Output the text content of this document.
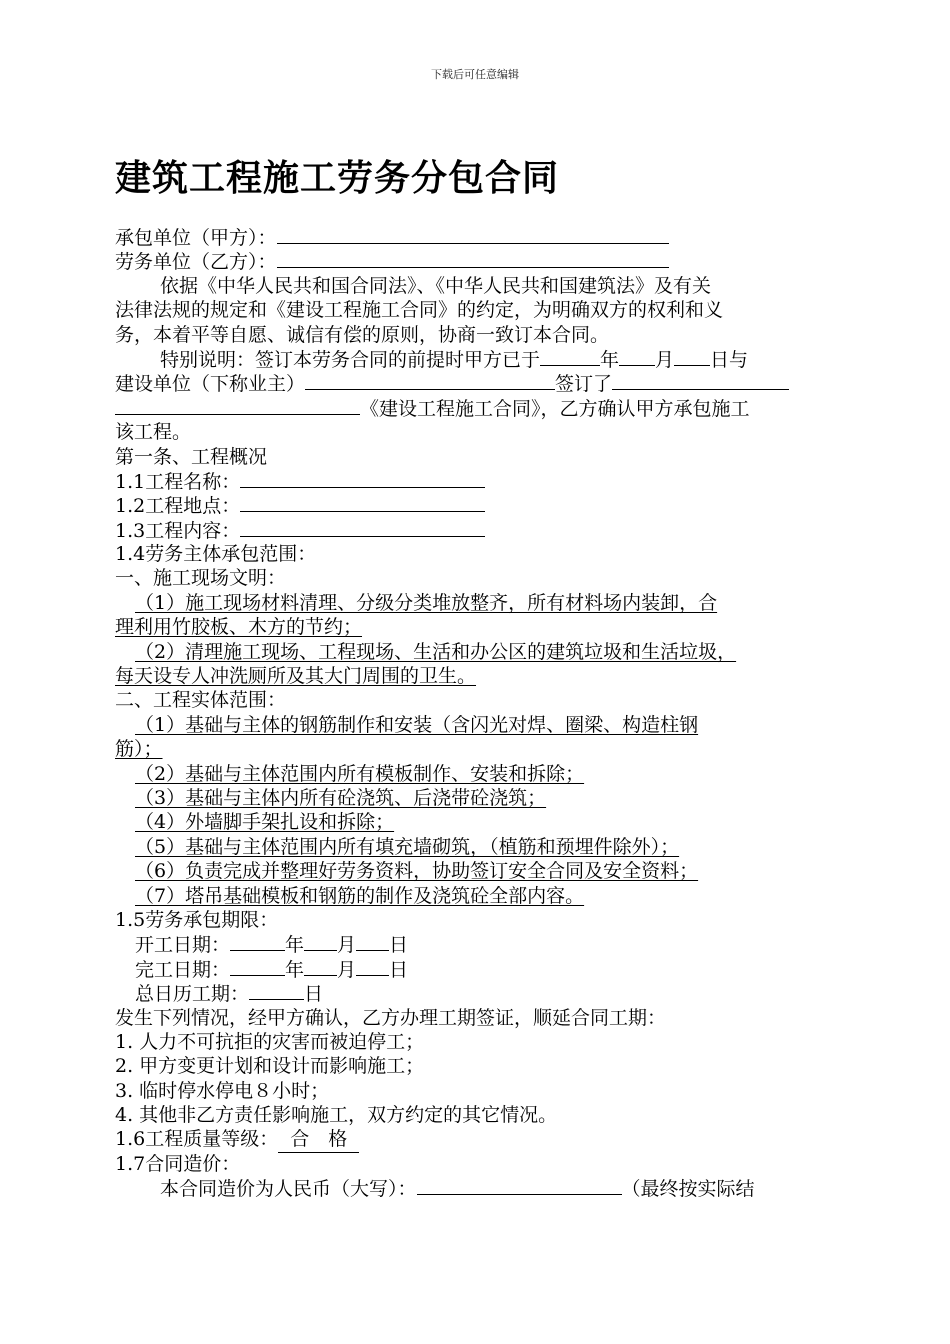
下载后可任意编辑
建筑工程施工劳务分包合同
承包单位（甲方）：
劳务单位（乙方）：
依据《中华人民共和国合同法》、《中华人民共和国建筑法》及有关
法律法规的规定和《建设工程施工合同》的约定，为明确双方的权利和义
务，本着平等自愿、诚信有偿的原则，协商一致订本合同。
特别说明：签订本劳务合同的前提时甲方已于	年 月 日与
建设单位（下称业主）	签订了
《建设工程施工合同》，乙方确认甲方承包施工
该工程。
第一条、工程概况
1.1工程名称：
1.2工程地点：
1.3工程内容：
1.4劳务主体承包范围：
一、施工现场文明：
（1）施工现场材料清理、分级分类堆放整齐，所有材料场内装卸，合
理利用竹胶板、木方的节约；
（2）清理施工现场、工程现场、生活和办公区的建筑垃圾和生活垃圾，
每天设专人冲洗厕所及其大门周围的卫生。
二、工程实体范围：
（1）基础与主体的钢筋制作和安装（含闪光对焊、圈梁、构造柱钢
筋）；
（2）基础与主体范围内所有模板制作、安装和拆除；
（3）基础与主体内所有砼浇筑、后浇带砼浇筑；
（4）外墙脚手架扎设和拆除；
（5）基础与主体范围内所有填充墙砌筑，（植筋和预埋件除外）；
（6）负责完成并整理好劳务资料，协助签订安全合同及安全资料；
（7）塔吊基础模板和钢筋的制作及浇筑砼全部内容。
1.5劳务承包期限：
开工日期：	年 月 日
完工日期：	年 月 日
总日历工期：	日
发生下列情况，经甲方确认，乙方办理工期签证，顺延合同工期：
1. 人力不可抗拒的灾害而被迫停工；
2. 甲方变更计划和设计而影响施工；
3. 临时停水停电８小时；
4. 其他非乙方责任影响施工，双方约定的其它情况。
1.6工程质量等级： 合　格
1.7合同造价：
本合同造价为人民币（大写）：	（最终按实际结
